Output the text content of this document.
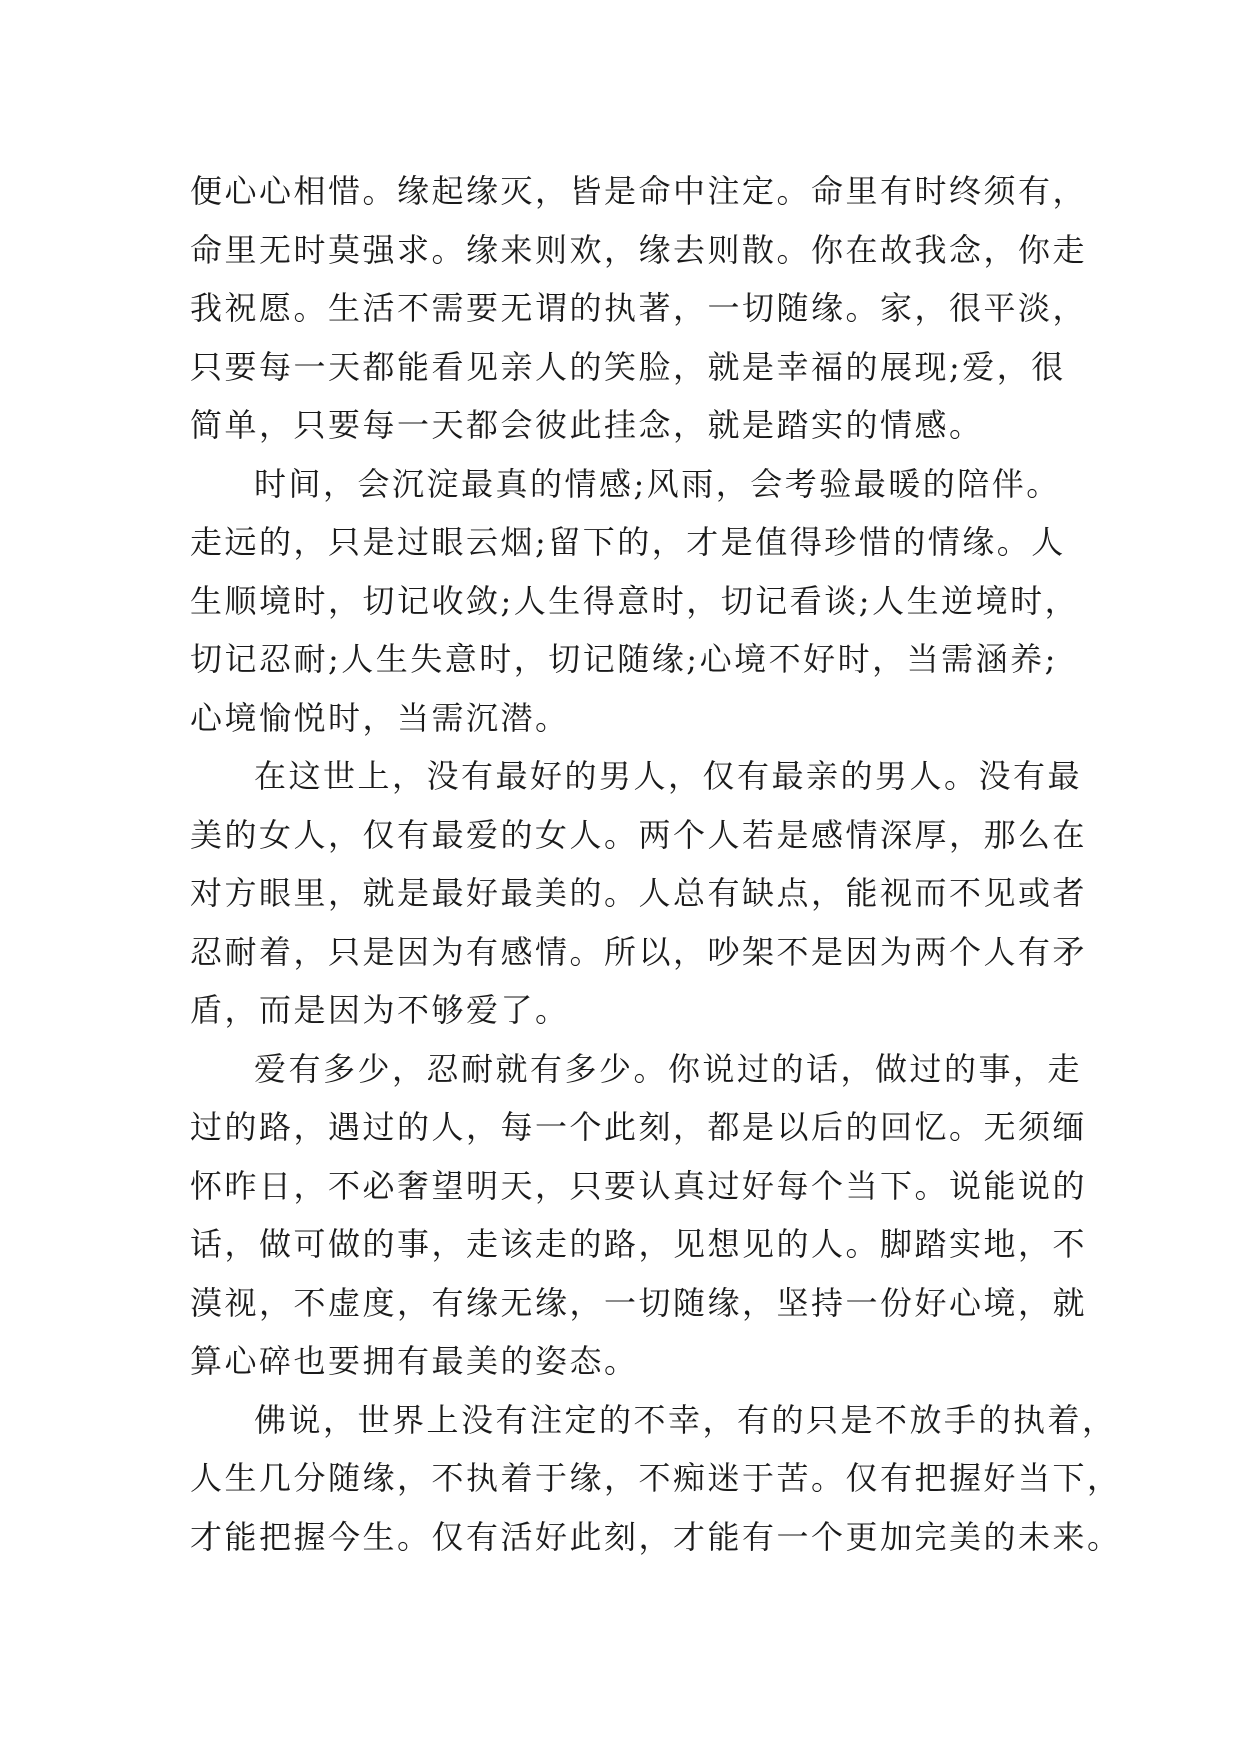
便心心相惜。缘起缘灭，皆是命中注定。命里有时终须有，
命里无时莫强求。缘来则欢，缘去则散。你在故我念，你走
我祝愿。生活不需要无谓的执著，一切随缘。家，很平淡，
只要每一天都能看见亲人的笑脸，就是幸福的展现;爱，很
简单，只要每一天都会彼此挂念，就是踏实的情感。
时间，会沉淀最真的情感;风雨，会考验最暖的陪伴。
走远的，只是过眼云烟;留下的，才是值得珍惜的情缘。人
生顺境时，切记收敛;人生得意时，切记看谈;人生逆境时，
切记忍耐;人生失意时，切记随缘;心境不好时，当需涵养;
心境愉悦时，当需沉潜。
在这世上，没有最好的男人，仅有最亲的男人。没有最
美的女人，仅有最爱的女人。两个人若是感情深厚，那么在
对方眼里，就是最好最美的。人总有缺点，能视而不见或者
忍耐着，只是因为有感情。所以，吵架不是因为两个人有矛
盾，而是因为不够爱了。
爱有多少，忍耐就有多少。你说过的话，做过的事，走
过的路，遇过的人，每一个此刻，都是以后的回忆。无须缅
怀昨日，不必奢望明天，只要认真过好每个当下。说能说的
话，做可做的事，走该走的路，见想见的人。脚踏实地，不
漠视，不虚度，有缘无缘，一切随缘，坚持一份好心境，就
算心碎也要拥有最美的姿态。
佛说，世界上没有注定的不幸，有的只是不放手的执着，
人生几分随缘，不执着于缘，不痴迷于苦。仅有把握好当下，
才能把握今生。仅有活好此刻，才能有一个更加完美的未来。
